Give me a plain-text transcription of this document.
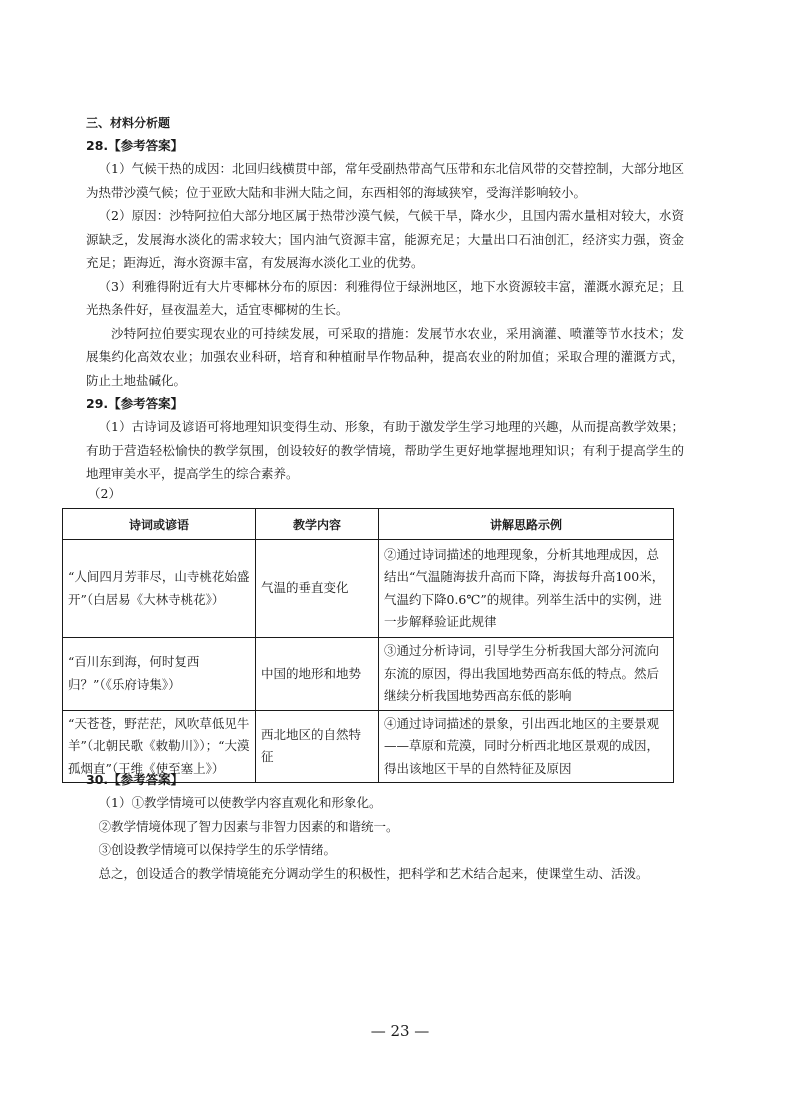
三、材料分析题

28.【参考答案】

（1）气候干热的成因：北回归线横贯中部，常年受副热带高气压带和东北信风带的交替控制，大部分地区为热带沙漠气候；位于亚欧大陆和非洲大陆之间，东西相邻的海域狭窄，受海洋影响较小。

（2）原因：沙特阿拉伯大部分地区属于热带沙漠气候，气候干旱，降水少，且国内需水量相对较大，水资源缺乏，发展海水淡化的需求较大；国内油气资源丰富，能源充足；大量出口石油创汇，经济实力强，资金充足；距海近，海水资源丰富，有发展海水淡化工业的优势。

（3）利雅得附近有大片枣椰林分布的原因：利雅得位于绿洲地区，地下水资源较丰富，灌溉水源充足；且光热条件好，昼夜温差大，适宜枣椰树的生长。

沙特阿拉伯要实现农业的可持续发展，可采取的措施：发展节水农业，采用滴灌、喷灌等节水技术；发展集约化高效农业；加强农业科研，培育和种植耐旱作物品种，提高农业的附加值；采取合理的灌溉方式，防止土地盐碱化。

29.【参考答案】

（1）古诗词及谚语可将地理知识变得生动、形象，有助于激发学生学习地理的兴趣，从而提高教学效果；有助于营造轻松愉快的教学氛围，创设较好的教学情境，帮助学生更好地掌握地理知识；有利于提高学生的地理审美水平，提高学生的综合素养。

（2）
诗词或谚语	教学内容	讲解思路示例
“人间四月芳菲尽，山寺桃花始盛开”（白居易《大林寺桃花》）	气温的垂直变化	②通过诗词描述的地理现象，分析其地理成因，总结出“气温随海拔升高而下降，海拔每升高100米，气温约下降0.6℃”的规律。列举生活中的实例，进一步解释验证此规律
“百川东到海，何时复西归？”（《乐府诗集》）	中国的地形和地势	③通过分析诗词，引导学生分析我国大部分河流向东流的原因，得出我国地势西高东低的特点。然后继续分析我国地势西高东低的影响
“天苍苍，野茫茫，风吹草低见牛羊”（北朝民歌《敕勒川》）；“大漠孤烟直”（王维《使至塞上》）	西北地区的自然特征	④通过诗词描述的景象，引出西北地区的主要景观——草原和荒漠，同时分析西北地区景观的成因，得出该地区干旱的自然特征及原因

30.【参考答案】

（1）①教学情境可以使教学内容直观化和形象化。

②教学情境体现了智力因素与非智力因素的和谐统一。

③创设教学情境可以保持学生的乐学情绪。

总之，创设适合的教学情境能充分调动学生的积极性，把科学和艺术结合起来，使课堂生动、活泼。

— 23 —
